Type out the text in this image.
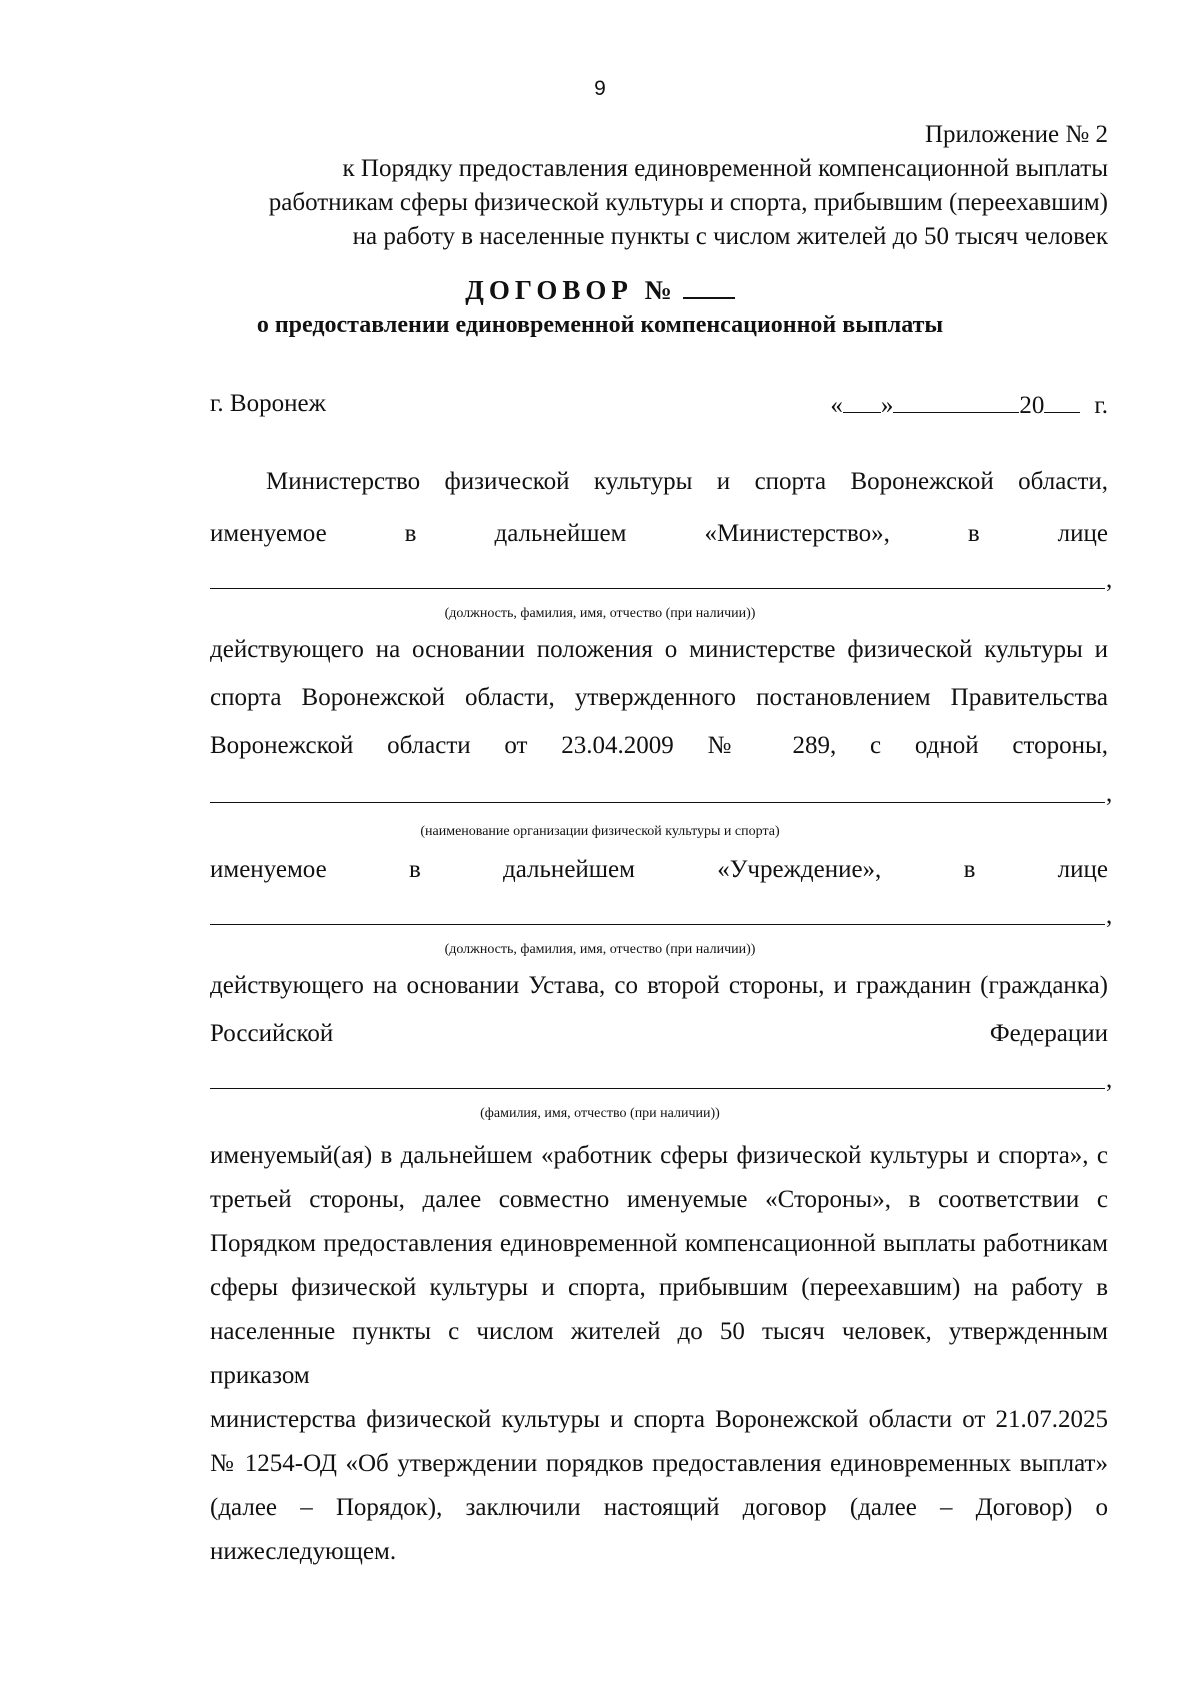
9
Приложение № 2
к Порядку предоставления единовременной компенсационной выплаты
работникам сферы физической культуры и спорта, прибывшим (переехавшим)
на работу в населенные пункты с числом жителей до 50 тысяч человек
ДОГОВОР №
о предоставлении единовременной компенсационной выплаты
г. Воронеж	« »	20 г.
Министерство физической культуры и спорта Воронежской области,
именуемое в дальнейшем «Министерство», в лице
,
(должность, фамилия, имя, отчество (при наличии))
действующего на основании положения о министерстве физической культуры и
спорта Воронежской области, утвержденного постановлением Правительства
Воронежской области от 23.04.2009 № 289, с одной стороны,
,
(наименование организации физической культуры и спорта)
именуемое в дальнейшем «Учреждение», в лице
,
(должность, фамилия, имя, отчество (при наличии))
действующего на основании Устава, со второй стороны, и гражданин (гражданка)
Российской	Федерации
,
(фамилия, имя, отчество (при наличии))
именуемый(ая) в дальнейшем «работник сферы физической культуры и спорта», с
третьей стороны, далее совместно именуемые «Стороны», в соответствии с
Порядком предоставления единовременной компенсационной выплаты работникам
сферы физической культуры и спорта, прибывшим (переехавшим) на работу в
населенные пункты с числом жителей до 50 тысяч человек, утвержденным приказом
министерства физической культуры и спорта Воронежской области от 21.07.2025
№ 1254-ОД «Об утверждении порядков предоставления единовременных выплат»
(далее – Порядок), заключили настоящий договор (далее – Договор) о
нижеследующем.
